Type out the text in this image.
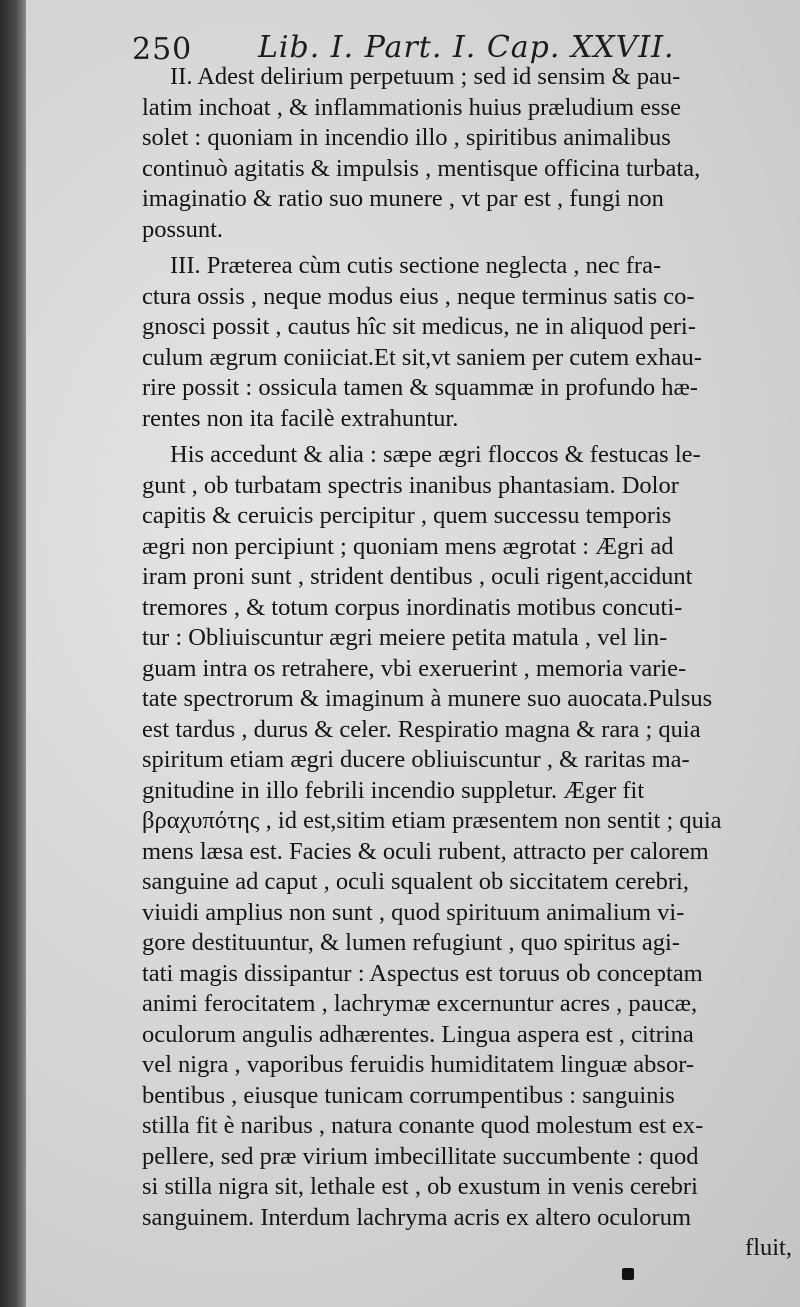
250 Lib. I. Part. I. Cap. XXVII.
II. Adest delirium perpetuum ; sed id sensim & pau-
latim inchoat , & inflammationis huius præludium esse
solet : quoniam in incendio illo , spiritibus animalibus
continuò agitatis & impulsis , mentisque officina turbata,
imaginatio & ratio suo munere , vt par est , fungi non
possunt.
III. Præterea cùm cutis sectione neglecta , nec fra-
ctura ossis , neque modus eius , neque terminus satis co-
gnosci possit , cautus hîc sit medicus, ne in aliquod peri-
culum ægrum coniiciat.Et sit,vt saniem per cutem exhau-
rire possit : ossicula tamen & squammæ in profundo hæ-
rentes non ita facilè extrahuntur.
His accedunt & alia : sæpe ægri floccos & festucas le-
gunt , ob turbatam spectris inanibus phantasiam. Dolor
capitis & ceruicis percipitur , quem successu temporis
ægri non percipiunt ; quoniam mens ægrotat : Ægri ad
iram proni sunt , strident dentibus , oculi rigent,accidunt
tremores , & totum corpus inordinatis motibus concuti-
tur : Obliuiscuntur ægri meiere petita matula , vel lin-
guam intra os retrahere, vbi exeruerint , memoria varie-
tate spectrorum & imaginum à munere suo auocata.Pulsus
est tardus , durus & celer. Respiratio magna & rara ; quia
spiritum etiam ægri ducere obliuiscuntur , & raritas ma-
gnitudine in illo febrili incendio suppletur. Æger fit
βραχυπότης , id est,sitim etiam præsentem non sentit ; quia
mens læsa est. Facies & oculi rubent, attracto per calorem
sanguine ad caput , oculi squalent ob siccitatem cerebri,
viuidi amplius non sunt , quod spirituum animalium vi-
gore destituuntur, & lumen refugiunt , quo spiritus agi-
tati magis dissipantur : Aspectus est toruus ob conceptam
animi ferocitatem , lachrymæ excernuntur acres , paucæ,
oculorum angulis adhærentes. Lingua aspera est , citrina
vel nigra , vaporibus feruidis humiditatem linguæ absor-
bentibus , eiusque tunicam corrumpentibus : sanguinis
stilla fit è naribus , natura conante quod molestum est ex-
pellere, sed præ virium imbecillitate succumbente : quod
si stilla nigra sit, lethale est , ob exustum in venis cerebri
sanguinem. Interdum lachryma acris ex altero oculorum
fluit,
